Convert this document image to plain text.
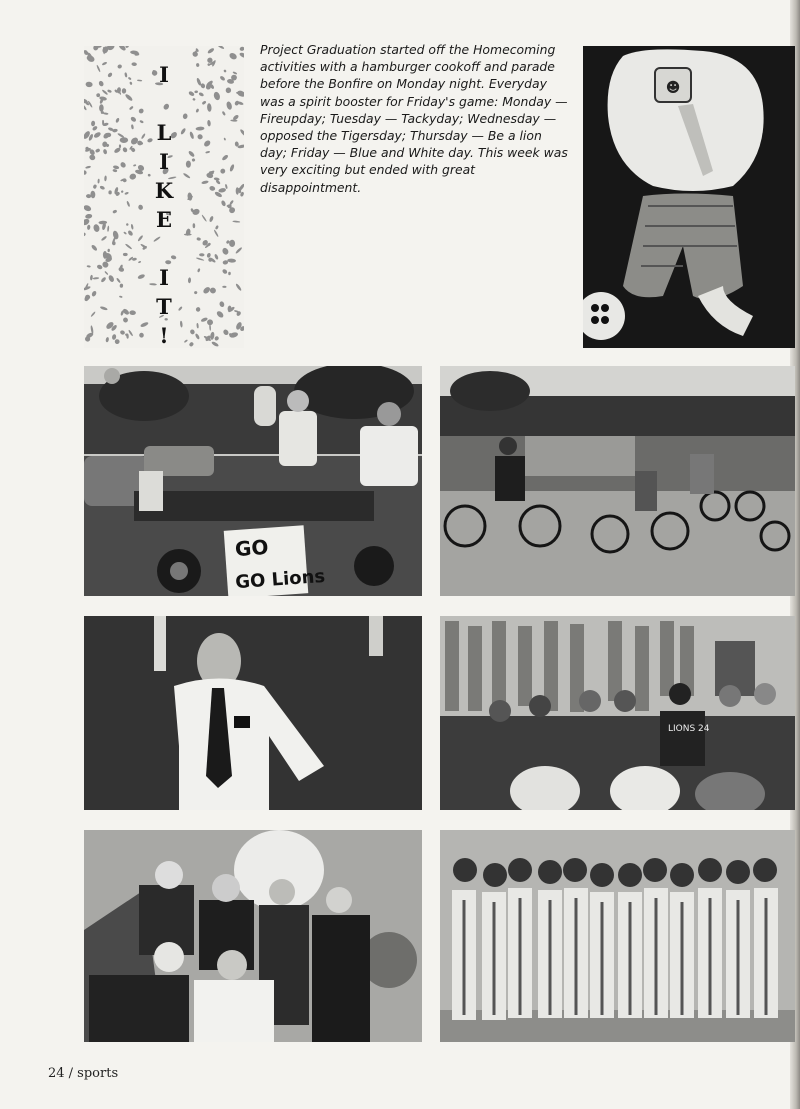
I

L
I
K
E

I
T
!

Project Graduation started off the Homecoming activities with a hamburger cookoff and parade before the Bonfire on Monday night. Everyday was a spirit booster for Friday's game: Monday — Fireupday; Tuesday — Tackyday; Wednesday — opposed the Tigersday; Thursday — Be a lion day; Friday — Blue and White day. This week was very exciting but ended with great disappointment.

☻
GO
GO Lions
LIONS 24
24 / sports
